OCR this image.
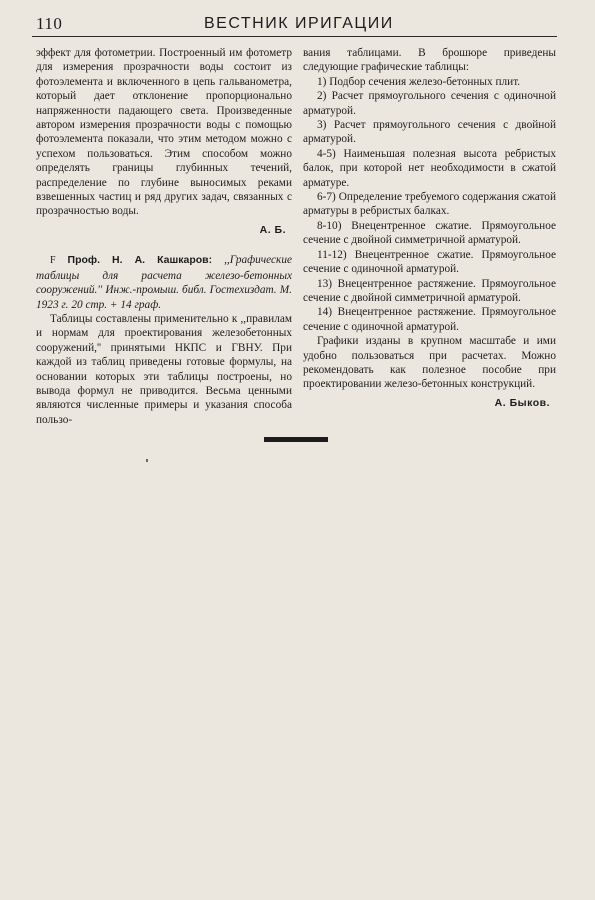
110	ВЕСТНИК ИРИГАЦИИ

эффект для фотометрии. Построенный им фотометр для измерения прозрачности воды состоит из фотоэлемента и включенного в цепь гальванометра, который дает отклонение пропорционально напряженности падающего света. Произведенные автором измерения прозрачности воды с помощью фотоэлемента показали, что этим методом можно с успехом пользоваться. Этим способом можно определять границы глубинных течений, распределение по глубине выносимых реками взвешенных частиц и ряд других задач, связанных с прозрачностью воды.

А. Б.

F Проф. Н. А. Кашкаров: ,,Графические таблицы для расчета железо-бетонных сооружений.'' Инж.-промыш. библ. Гостехиздат. М. 1923 г. 20 стр. + 14 граф.

Таблицы составлены применительно к ,,правилам и нормам для проектирования железобетонных сооружений,'' принятыми НКПС и ГВНУ. При каждой из таблиц приведены готовые формулы, на основании которых эти таблицы построены, но вывода формул не приводится. Весьма ценными являются численные примеры и указания способа пользо-

вания таблицами. В брошюре приведены следующие графические таблицы:

1) Подбор сечения железо-бетонных плит.

2) Расчет прямоугольного сечения с одиночной арматурой.

3) Расчет прямоугольного сечения с двойной арматурой.

4-5) Наименьшая полезная высота ребристых балок, при которой нет необходимости в сжатой арматуре.

6-7) Определение требуемого содержания сжатой арматуры в ребристых балках.

8-10) Внецентренное сжатие. Прямоугольное сечение с двойной симметричной арматурой.

11-12) Внецентренное сжатие. Прямоугольное сечение с одиночной арматурой.

13) Внецентренное растяжение. Прямоугольное сечение с двойной симметричной арматурой.

14) Внецентренное растяжение. Прямоугольное сечение с одиночной арматурой.

Графики изданы в крупном масштабе и ими удобно пользоваться при расчетах. Можно рекомендовать как полезное пособие при проектировании железо-бетонных конструкций.

А. Быков.
